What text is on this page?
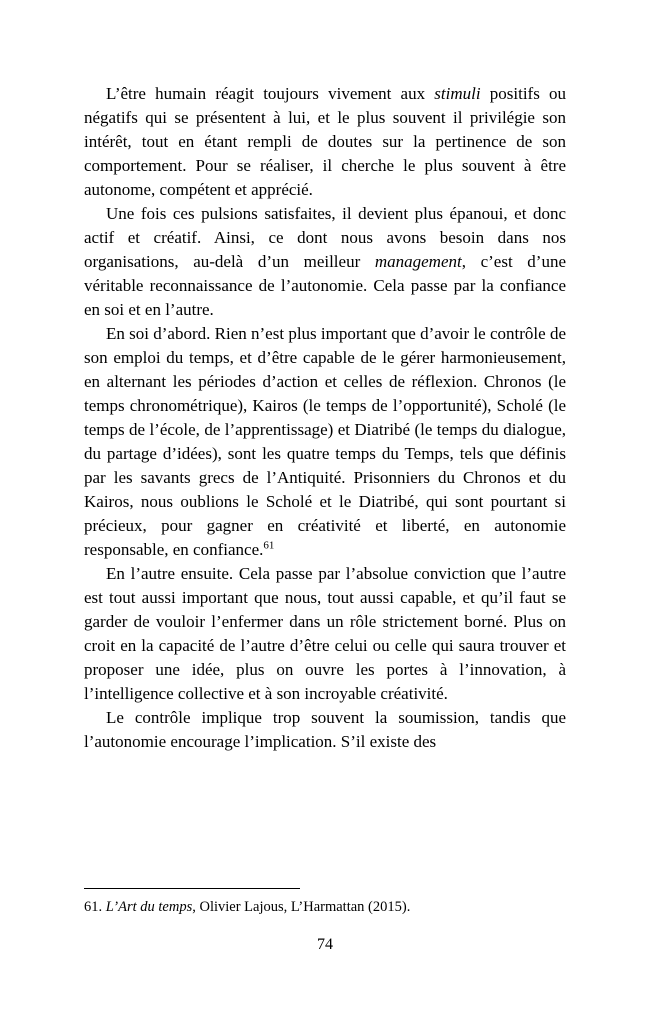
L’être humain réagit toujours vivement aux stimuli positifs ou négatifs qui se présentent à lui, et le plus souvent il privilégie son intérêt, tout en étant rempli de doutes sur la pertinence de son comportement. Pour se réaliser, il cherche le plus souvent à être autonome, compétent et apprécié.

Une fois ces pulsions satisfaites, il devient plus épanoui, et donc actif et créatif. Ainsi, ce dont nous avons besoin dans nos organisations, au-delà d’un meilleur management, c’est d’une véritable reconnaissance de l’autonomie. Cela passe par la confiance en soi et en l’autre.

En soi d’abord. Rien n’est plus important que d’avoir le contrôle de son emploi du temps, et d’être capable de le gérer harmonieusement, en alternant les périodes d’action et celles de réflexion. Chronos (le temps chronométrique), Kairos (le temps de l’opportunité), Scholé (le temps de l’école, de l’apprentissage) et Diatribé (le temps du dialogue, du partage d’idées), sont les quatre temps du Temps, tels que définis par les savants grecs de l’Antiquité. Prisonniers du Chronos et du Kairos, nous oublions le Scholé et le Diatribé, qui sont pourtant si précieux, pour gagner en créativité et liberté, en autonomie responsable, en confiance.$^{61}$

En l’autre ensuite. Cela passe par l’absolue conviction que l’autre est tout aussi important que nous, tout aussi capable, et qu’il faut se garder de vouloir l’enfermer dans un rôle strictement borné. Plus on croit en la capacité de l’autre d’être celui ou celle qui saura trouver et proposer une idée, plus on ouvre les portes à l’innovation, à l’intelligence collective et à son incroyable créativité.

Le contrôle implique trop souvent la soumission, tandis que l’autonomie encourage l’implication. S’il existe des

61. L’Art du temps, Olivier Lajous, L’Harmattan (2015).

74
